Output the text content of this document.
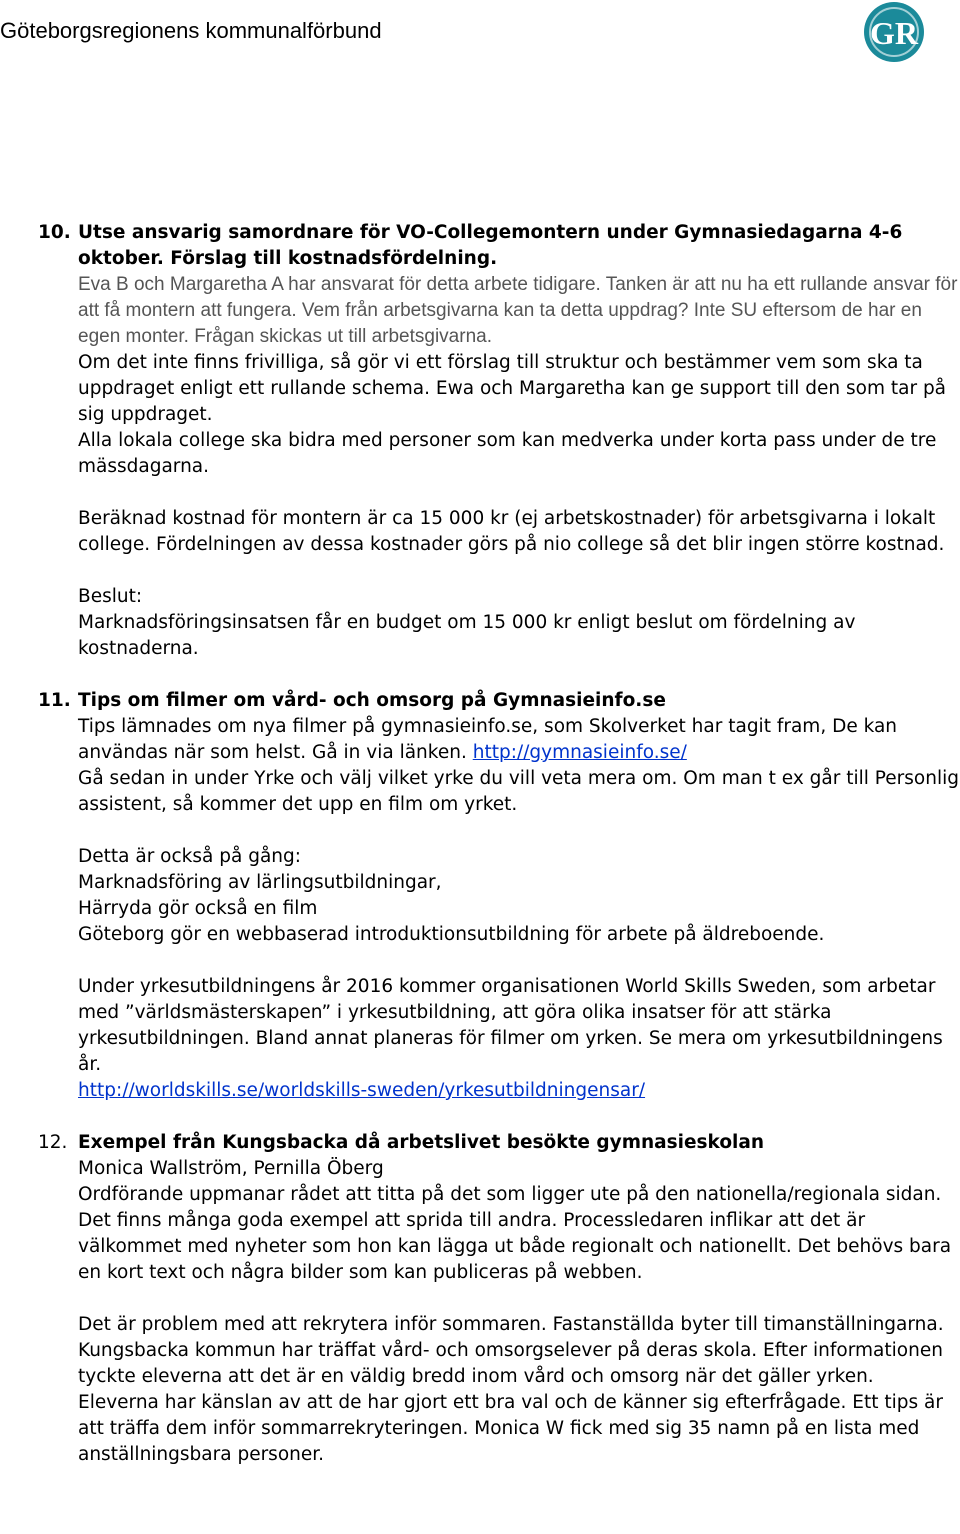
Göteborgsregionens kommunalförbund	GR
10. Utse ansvarig samordnare för VO-Collegemontern under Gymnasiedagarna 4-6 oktober. Förslag till kostnadsfördelning.

Eva B och Margaretha A har ansvarat för detta arbete tidigare. Tanken är att nu ha ett rullande ansvar för att få montern att fungera. Vem från arbetsgivarna kan ta detta uppdrag? Inte SU eftersom de har en egen monter. Frågan skickas ut till arbetsgivarna.

Om det inte finns frivilliga, så gör vi ett förslag till struktur och bestämmer vem som ska ta uppdraget enligt ett rullande schema. Ewa och Margaretha kan ge support till den som tar på sig uppdraget.

Alla lokala college ska bidra med personer som kan medverka under korta pass under de tre mässdagarna.

Beräknad kostnad för montern är ca 15 000 kr (ej arbetskostnader) för arbetsgivarna i lokalt college. Fördelningen av dessa kostnader görs på nio college så det blir ingen större kostnad.

Beslut:

Marknadsföringsinsatsen får en budget om 15 000 kr enligt beslut om fördelning av kostnaderna.

11. Tips om filmer om vård- och omsorg på Gymnasieinfo.se

Tips lämnades om nya filmer på gymnasieinfo.se, som Skolverket har tagit fram, De kan användas när som helst. Gå in via länken. http://gymnasieinfo.se/

Gå sedan in under Yrke och välj vilket yrke du vill veta mera om. Om man t ex går till Personlig assistent, så kommer det upp en film om yrket.

Detta är också på gång:

Marknadsföring av lärlingsutbildningar,

Härryda gör också en film

Göteborg gör en webbaserad introduktionsutbildning för arbete på äldreboende.

Under yrkesutbildningens år 2016 kommer organisationen World Skills Sweden, som arbetar med ”världsmästerskapen” i yrkesutbildning, att göra olika insatser för att stärka yrkesutbildningen. Bland annat planeras för filmer om yrken. Se mera om yrkesutbildningens år.

http://worldskills.se/worldskills-sweden/yrkesutbildningensar/

12. Exempel från Kungsbacka då arbetslivet besökte gymnasieskolan

Monica Wallström, Pernilla Öberg

Ordförande uppmanar rådet att titta på det som ligger ute på den nationella/regionala sidan. Det finns många goda exempel att sprida till andra. Processledaren inflikar att det är välkommet med nyheter som hon kan lägga ut både regionalt och nationellt. Det behövs bara en kort text och några bilder som kan publiceras på webben.

Det är problem med att rekrytera inför sommaren. Fastanställda byter till timanställningarna. Kungsbacka kommun har träffat vård- och omsorgselever på deras skola. Efter informationen tyckte eleverna att det är en väldig bredd inom vård och omsorg när det gäller yrken. Eleverna har känslan av att de har gjort ett bra val och de känner sig efterfrågade. Ett tips är att träffa dem inför sommarrekryteringen. Monica W fick med sig 35 namn på en lista med anställningsbara personer.
